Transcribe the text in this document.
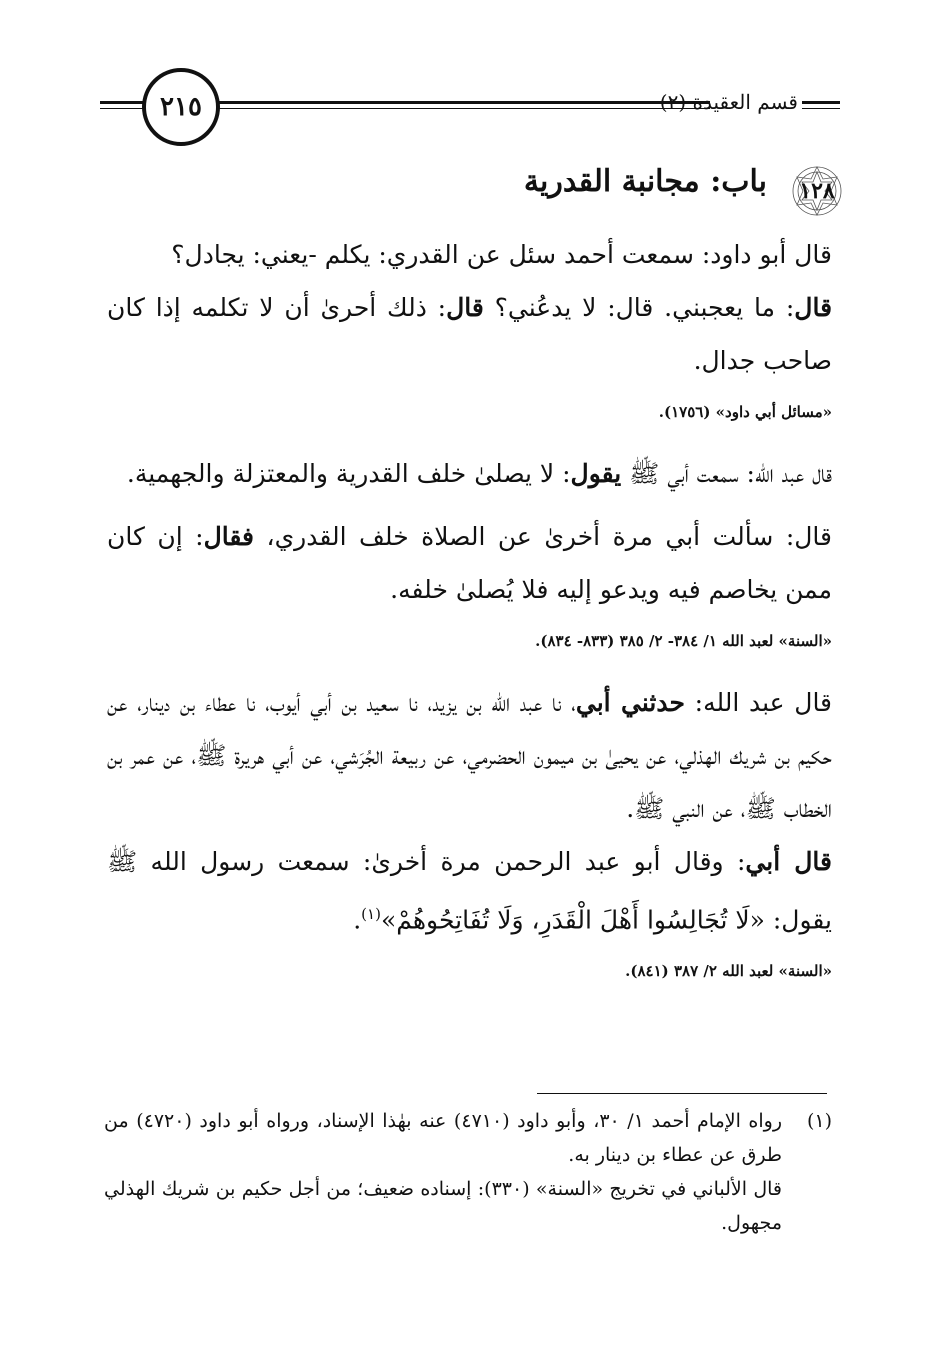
٢١٥	قسم العقيدة (٢)
١٢٨
باب: مجانبة القدرية

قال أبو داود: سمعت أحمد سئل عن القدري: يكلم -يعني: يجادل؟

قال: ما يعجبني. قال: لا يدعُني؟ قال: ذلك أحرىٰ أن لا تكلمه إذا كان صاحب جدال.

«مسائل أبي داود» (١٧٥٦).

قال عبد الله: سمعت أبي ﷺ يقول: لا يصلىٰ خلف القدرية والمعتزلة والجهمية.

قال: سألت أبي مرة أخرىٰ عن الصلاة خلف القدري، فقال: إن كان ممن يخاصم فيه ويدعو إليه فلا يُصلىٰ خلفه.

«السنة» لعبد الله ١/ ٣٨٤- ٢/ ٣٨٥ (٨٣٣- ٨٣٤).

قال عبد الله: حدثني أبي، نا عبد الله بن يزيد، نا سعيد بن أبي أيوب، نا عطاء بن دينار، عن حكيم بن شريك الهذلي، عن يحيىٰ بن ميمون الحضرمي، عن ربيعة الجُرَشي، عن أبي هريرة ﷺ، عن عمر بن الخطاب ﷺ، عن النبي ﷺ.

قال أبي: وقال أبو عبد الرحمن مرة أخرىٰ: سمعت رسول الله ﷺ يقول: «لَا تُجَالِسُوا أَهْلَ الْقَدَرِ، وَلَا تُفَاتِحُوهُمْ»$^{(١)}$.

«السنة» لعبد الله ٢/ ٣٨٧ (٨٤١).
(١)
رواه الإمام أحمد ١/ ٣٠، وأبو داود (٤٧١٠) عنه بهٰذا الإسناد، ورواه أبو داود (٤٧٢٠) من طرق عن عطاء بن دينار به.
قال الألباني في تخريج «السنة» (٣٣٠): إسناده ضعيف؛ من أجل حكيم بن شريك الهذلي مجهول.
